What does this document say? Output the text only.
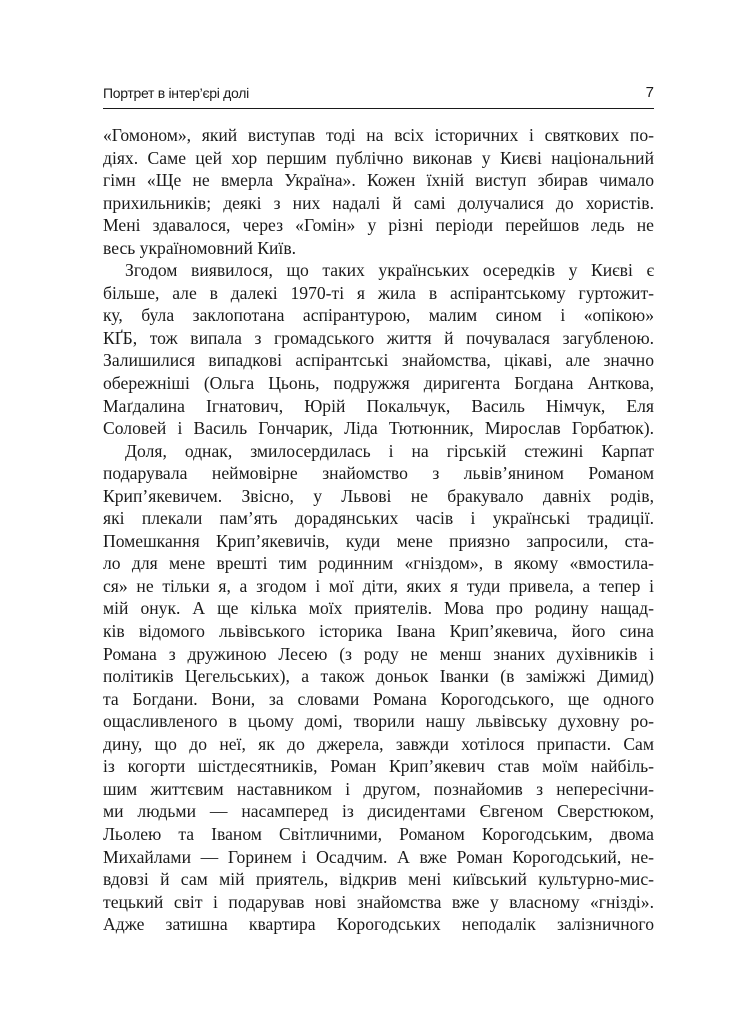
Портрет в інтер’єрі долі	7
«Гомоном», який виступав тоді на всіх історичних і святкових по-
діях. Саме цей хор першим публічно виконав у Києві національний
гімн «Ще не вмерла Україна». Кожен їхній виступ збирав чимало
прихильників; деякі з них надалі й самі долучалися до хористів.
Мені здавалося, через «Гомін» у різні періоди перейшов ледь не
весь україномовний Київ.
Згодом виявилося, що таких українських осередків у Києві є
більше, але в далекі 1970-ті я жила в аспірантському гуртожит-
ку, була заклопотана аспірантурою, малим сином і «опікою»
КҐБ, тож випала з громадського життя й почувалася загубленою.
Залишилися випадкові аспірантські знайомства, цікаві, але значно
обережніші (Ольга Цьонь, подружжя диригента Богдана Анткова,
Маґдалина Ігнатович, Юрій Покальчук, Василь Німчук, Еля
Соловей і Василь Гончарик, Ліда Тютюнник, Мирослав Горбатюк).
Доля, однак, змилосердилась і на гірській стежині Карпат
подарувала неймовірне знайомство з львів’янином Романом
Крип’якевичем. Звісно, у Львові не бракувало давніх родів,
які плекали пам’ять дорадянських часів і українські традиції.
Помешкання Крип’якевичів, куди мене приязно запросили, ста-
ло для мене врешті тим родинним «гніздом», в якому «вмостила-
ся» не тільки я, а згодом і мої діти, яких я туди привела, а тепер і
мій онук. А ще кілька моїх приятелів. Мова про родину нащад-
ків відомого львівського історика Івана Крип’якевича, його сина
Романа з дружиною Лесею (з роду не менш знаних духівників і
політиків Цегельських), а також доньок Іванки (в заміжжі Димид)
та Богдани. Вони, за словами Романа Корогодського, ще одного
ощасливленого в цьому домі, творили нашу львівську духовну ро-
дину, що до неї, як до джерела, завжди хотілося припасти. Сам
із когорти шістдесятників, Роман Крип’якевич став моїм найбіль-
шим життєвим наставником і другом, познайомив з непересічни-
ми людьми — насамперед із дисидентами Євгеном Сверстюком,
Льолею та Іваном Світличними, Романом Корогодським, двома
Михайлами — Горинем і Осадчим. А вже Роман Корогодський, не-
вдовзі й сам мій приятель, відкрив мені київський культурно-мис-
тецький світ і подарував нові знайомства вже у власному «гнізді».
Адже затишна квартира Корогодських неподалік залізничного
